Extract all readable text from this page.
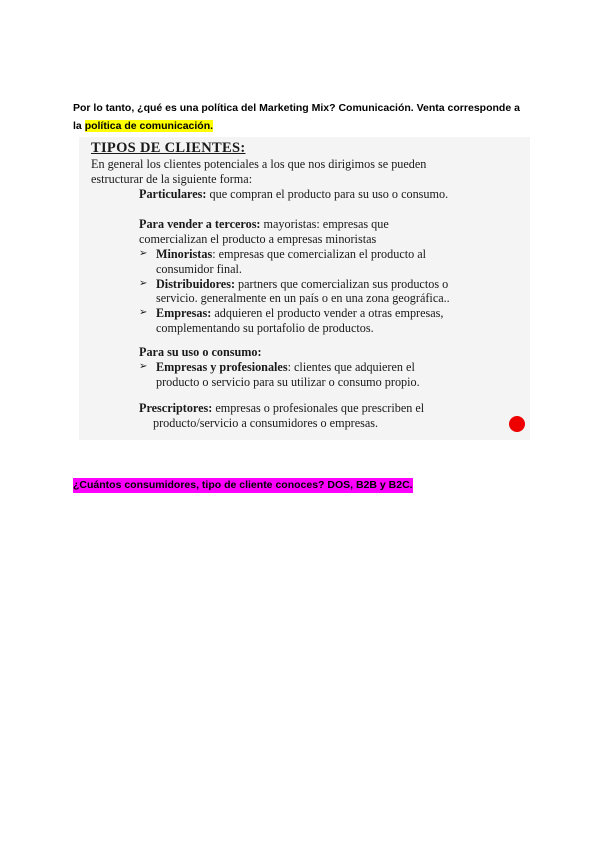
Por lo tanto, ¿qué es una política del Marketing Mix? Comunicación. Venta corresponde a
la política de comunicación.
TIPOS DE CLIENTES:
En general los clientes potenciales a los que nos dirigimos se pueden
estructurar de la siguiente forma:
Particulares: que compran el producto para su uso o consumo.
Para vender a terceros: mayoristas: empresas que
comercializan el producto a empresas minoristas
➢ Minoristas: empresas que comercializan el producto al
consumidor final.
➢ Distribuidores: partners que comercializan sus productos o
servicio. generalmente en un país o en una zona geográfica..
➢ Empresas: adquieren el producto vender a otras empresas,
complementando su portafolio de productos.
Para su uso o consumo:
➢ Empresas y profesionales: clientes que adquieren el
producto o servicio para su utilizar o consumo propio.
Prescriptores: empresas o profesionales que prescriben el
producto/servicio a consumidores o empresas.
¿Cuántos consumidores, tipo de cliente conoces? DOS, B2B y B2C.
